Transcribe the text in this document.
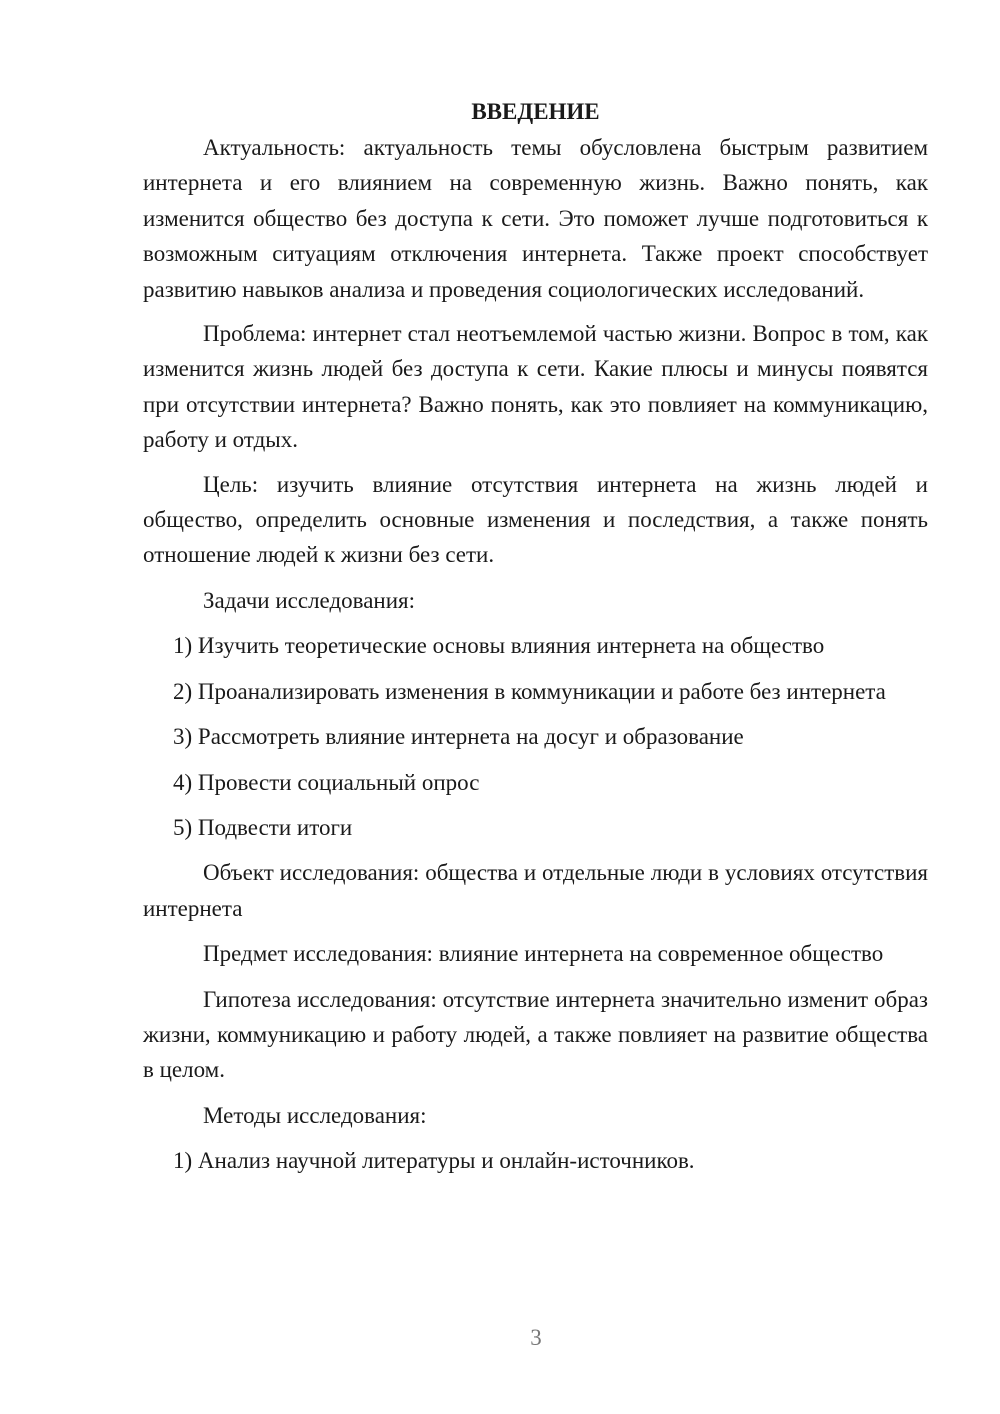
ВВЕДЕНИЕ

Актуальность: актуальность темы обусловлена быстрым развитием интернета и его влиянием на современную жизнь. Важно понять, как изменится общество без доступа к сети. Это поможет лучше подготовиться к возможным ситуациям отключения интернета. Также проект способствует развитию навыков анализа и проведения социологических исследований.

Проблема: интернет стал неотъемлемой частью жизни. Вопрос в том, как изменится жизнь людей без доступа к сети. Какие плюсы и минусы появятся при отсутствии интернета? Важно понять, как это повлияет на коммуникацию, работу и отдых.

Цель: изучить влияние отсутствия интернета на жизнь людей и общество, определить основные изменения и последствия, а также понять отношение людей к жизни без сети.

Задачи исследования:

1) Изучить теоретические основы влияния интернета на общество

2) Проанализировать изменения в коммуникации и работе без интернета

3) Рассмотреть влияние интернета на досуг и образование

4) Провести социальный опрос

5) Подвести итоги

Объект исследования: общества и отдельные люди в условиях отсутствия интернета

Предмет исследования: влияние интернета на современное общество

Гипотеза исследования: отсутствие интернета значительно изменит образ жизни, коммуникацию и работу людей, а также повлияет на развитие общества в целом.

Методы исследования:

1) Анализ научной литературы и онлайн-источников.

3
